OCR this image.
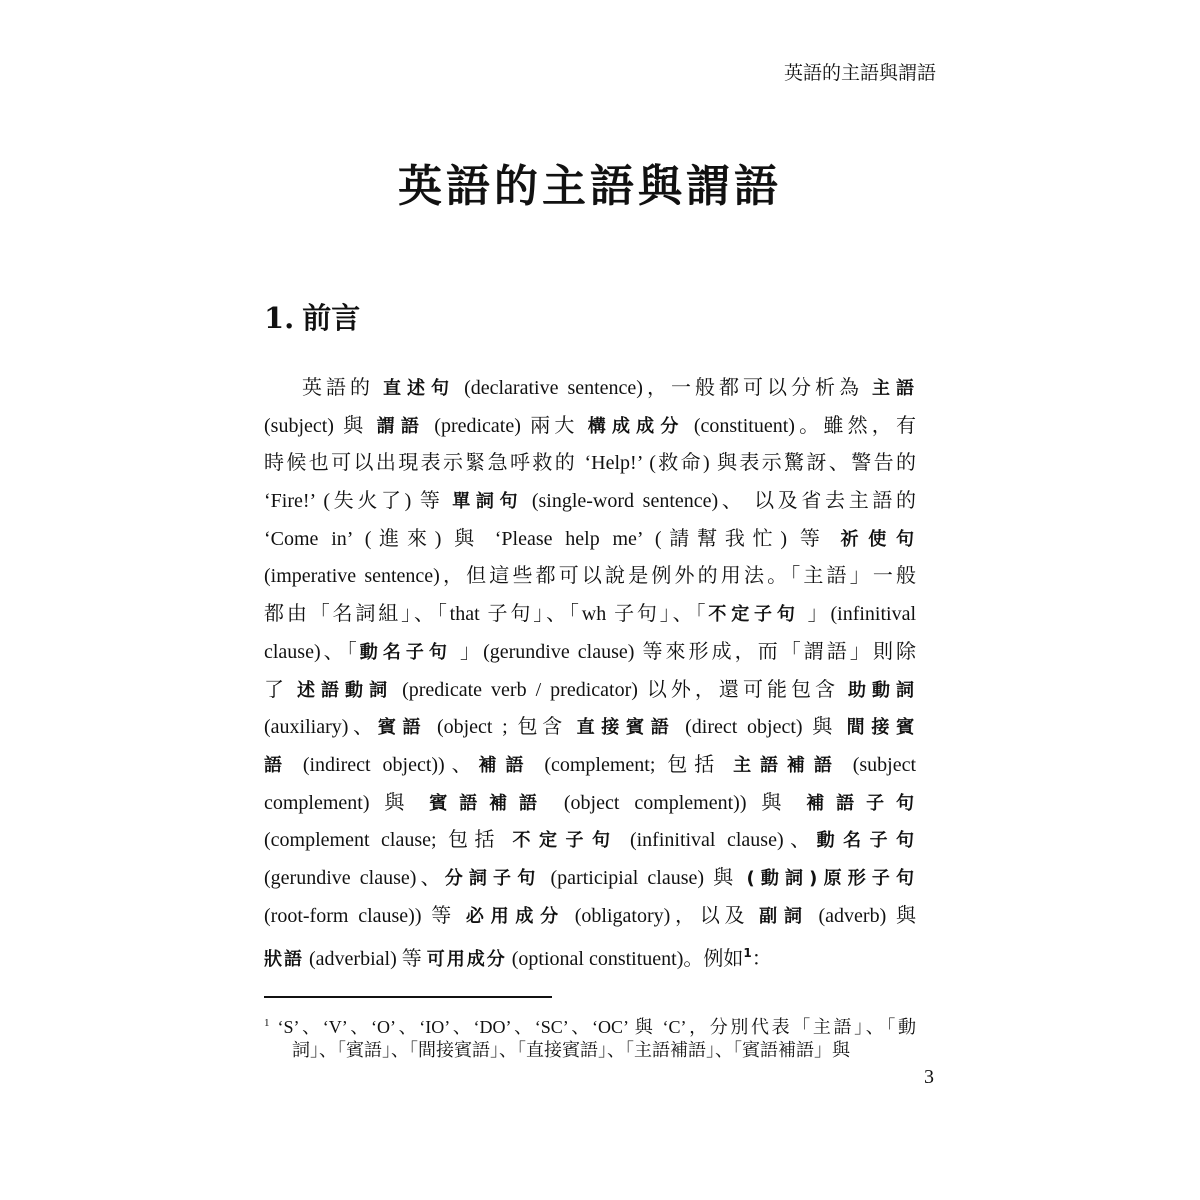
英語的主語與謂語
英語的主語與謂語
1. 前言
英語的 直述句 (declarative sentence)，一般都可以分析為 主語
(subject) 與 謂語 (predicate) 兩大 構成成分 (constituent)。雖然，有
時候也可以出現表示緊急呼救的 ‘Help!’ (救命) 與表示驚訝、警告的
‘Fire!’ (失火了) 等 單詞句 (single-word sentence)、 以及省去主語的
‘Come in’ (進來) 與 ‘Please help me’ (請幫我忙) 等 祈使句
(imperative sentence)，但這些都可以說是例外的用法。「主語」一般
都由「名詞組」、「that 子句」、「wh 子句」、「不定子句 」(infinitival
clause)、「動名子句 」(gerundive clause) 等來形成，而「謂語」則除
了 述語動詞 (predicate verb / predicator) 以外，還可能包含 助動詞
(auxiliary)、賓語 (object ; 包含 直接賓語 (direct object) 與 間接賓
語 (indirect object))、補語 (complement; 包括 主語補語 (subject
complement) 與 賓語補語 (object complement)) 與 補語子句
(complement clause; 包括 不定子句 (infinitival clause)、動名子句
(gerundive clause)、分詞子句 (participial clause) 與 (動詞)原形子句
(root-form clause)) 等 必用成分 (obligatory)，以及 副詞 (adverb) 與
狀語 (adverbial) 等 可用成分 (optional constituent)。例如$^1$：
$^1$ ‘S’、‘V’、‘O’、‘IO’、‘DO’、‘SC’、‘OC’ 與 ‘C’，分別代表「主語」、「動
詞」、「賓語」、「間接賓語」、「直接賓語」、「主語補語」、「賓語補語」與
3
